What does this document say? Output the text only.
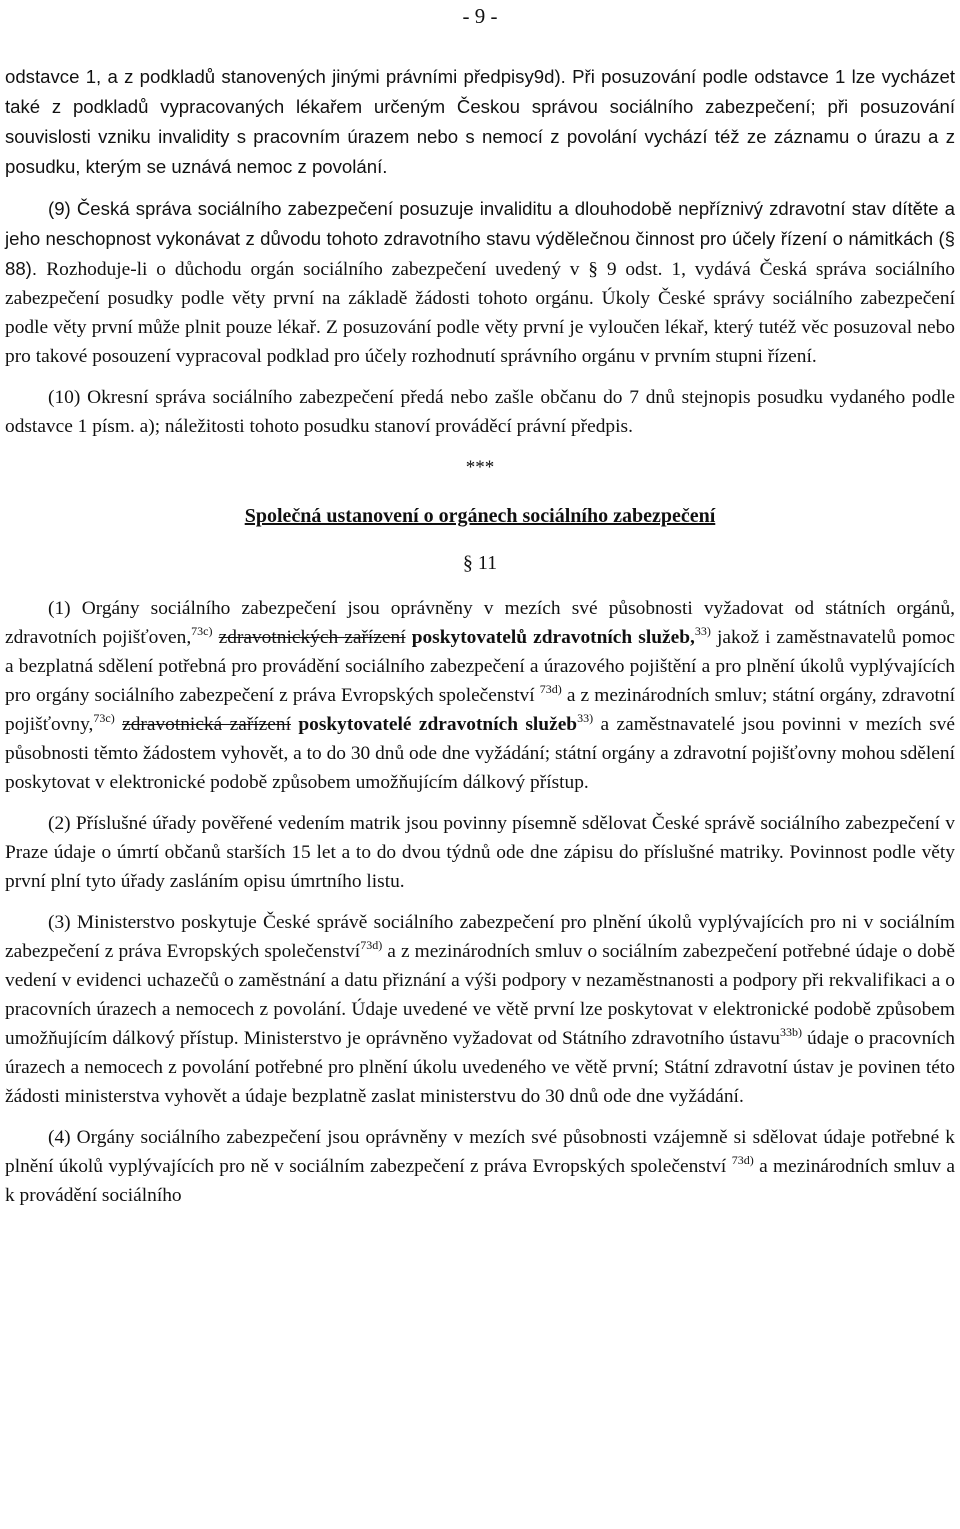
- 9 -

odstavce 1, a z podkladů stanovených jinými právními předpisy9d). Při posuzování podle odstavce 1 lze vycházet také z podkladů vypracovaných lékařem určeným Českou správou sociálního zabezpečení; při posuzování souvislosti vzniku invalidity s pracovním úrazem nebo s nemocí z povolání vychází též ze záznamu o úrazu a z posudku, kterým se uznává nemoc z povolání.

(9) Česká správa sociálního zabezpečení posuzuje invaliditu a dlouhodobě nepříznivý zdravotní stav dítěte a jeho neschopnost vykonávat z důvodu tohoto zdravotního stavu výdělečnou činnost pro účely řízení o námitkách (§ 88). Rozhoduje-li o důchodu orgán sociálního zabezpečení uvedený v § 9 odst. 1, vydává Česká správa sociálního zabezpečení posudky podle věty první na základě žádosti tohoto orgánu. Úkoly České správy sociálního zabezpečení podle věty první může plnit pouze lékař. Z posuzování podle věty první je vyloučen lékař, který tutéž věc posuzoval nebo pro takové posouzení vypracoval podklad pro účely rozhodnutí správního orgánu v prvním stupni řízení.

(10) Okresní správa sociálního zabezpečení předá nebo zašle občanu do 7 dnů stejnopis posudku vydaného podle odstavce 1 písm. a); náležitosti tohoto posudku stanoví prováděcí právní předpis.

***
Společná ustanovení o orgánech sociálního zabezpečení
§ 11

(1) Orgány sociálního zabezpečení jsou oprávněny v mezích své působnosti vyžadovat od státních orgánů, zdravotních pojišťoven,$^{73c)}$ zdravotnických zařízení poskytovatelů zdravotních služeb,$^{33)}$ jakož i zaměstnavatelů pomoc a bezplatná sdělení potřebná pro provádění sociálního zabezpečení a úrazového pojištění a pro plnění úkolů vyplývajících pro orgány sociálního zabezpečení z práva Evropských společenství $^{73d)}$ a z mezinárodních smluv; státní orgány, zdravotní pojišťovny,$^{73c)}$ zdravotnická zařízení poskytovatelé zdravotních služeb$^{33)}$ a zaměstnavatelé jsou povinni v mezích své působnosti těmto žádostem vyhovět, a to do 30 dnů ode dne vyžádání; státní orgány a zdravotní pojišťovny mohou sdělení poskytovat v elektronické podobě způsobem umožňujícím dálkový přístup.

(2) Příslušné úřady pověřené vedením matrik jsou povinny písemně sdělovat České správě sociálního zabezpečení v Praze údaje o úmrtí občanů starších 15 let a to do dvou týdnů ode dne zápisu do příslušné matriky. Povinnost podle věty první plní tyto úřady zasláním opisu úmrtního listu.

(3) Ministerstvo poskytuje České správě sociálního zabezpečení pro plnění úkolů vyplývajících pro ni v sociálním zabezpečení z práva Evropských společenství$^{73d)}$ a z mezinárodních smluv o sociálním zabezpečení potřebné údaje o době vedení v evidenci uchazečů o zaměstnání a datu přiznání a výši podpory v nezaměstnanosti a podpory při rekvalifikaci a o pracovních úrazech a nemocech z povolání. Údaje uvedené ve větě první lze poskytovat v elektronické podobě způsobem umožňujícím dálkový přístup. Ministerstvo je oprávněno vyžadovat od Státního zdravotního ústavu$^{33b)}$ údaje o pracovních úrazech a nemocech z povolání potřebné pro plnění úkolu uvedeného ve větě první; Státní zdravotní ústav je povinen této žádosti ministerstva vyhovět a údaje bezplatně zaslat ministerstvu do 30 dnů ode dne vyžádání.

(4) Orgány sociálního zabezpečení jsou oprávněny v mezích své působnosti vzájemně si sdělovat údaje potřebné k plnění úkolů vyplývajících pro ně v sociálním zabezpečení z práva Evropských společenství $^{73d)}$ a mezinárodních smluv a k provádění sociálního
